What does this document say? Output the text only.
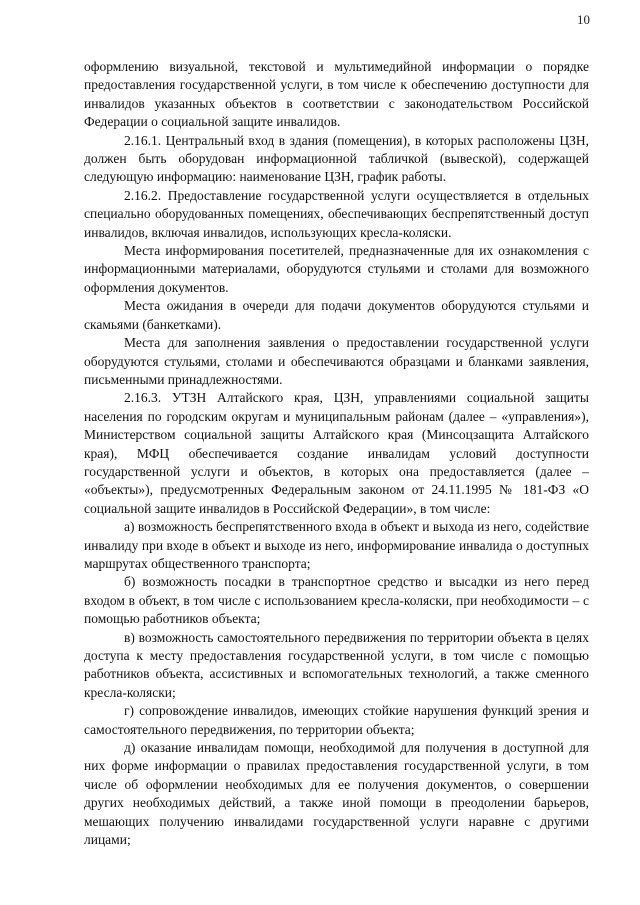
10

оформлению визуальной, текстовой и мультимедийной информации о порядке предоставления государственной услуги, в том числе к обеспечению доступности для инвалидов указанных объектов в соответствии с законодательством Российской Федерации о социальной защите инвалидов.

2.16.1. Центральный вход в здания (помещения), в которых расположены ЦЗН, должен быть оборудован информационной табличкой (вывеской), содержащей следующую информацию: наименование ЦЗН, график работы.

2.16.2. Предоставление государственной услуги осуществляется в отдельных специально оборудованных помещениях, обеспечивающих беспрепятственный доступ инвалидов, включая инвалидов, использующих кресла-коляски.

Места информирования посетителей, предназначенные для их ознакомления с информационными материалами, оборудуются стульями и столами для возможного оформления документов.

Места ожидания в очереди для подачи документов оборудуются стульями и скамьями (банкетками).

Места для заполнения заявления о предоставлении государственной услуги оборудуются стульями, столами и обеспечиваются образцами и бланками заявления, письменными принадлежностями.

2.16.3. УТЗН Алтайского края, ЦЗН, управлениями социальной защиты населения по городским округам и муниципальным районам (далее – «управления»), Министерством социальной защиты Алтайского края (Минсоцзащита Алтайского края), МФЦ обеспечивается создание инвалидам условий доступности государственной услуги и объектов, в которых она предоставляется (далее – «объекты»), предусмотренных Федеральным законом от 24.11.1995 № 181-ФЗ «О социальной защите инвалидов в Российской Федерации», в том числе:

а) возможность беспрепятственного входа в объект и выхода из него, содействие инвалиду при входе в объект и выходе из него, информирование инвалида о доступных маршрутах общественного транспорта;

б) возможность посадки в транспортное средство и высадки из него перед входом в объект, в том числе с использованием кресла-коляски, при необходимости – с помощью работников объекта;

в) возможность самостоятельного передвижения по территории объекта в целях доступа к месту предоставления государственной услуги, в том числе с помощью работников объекта, ассистивных и вспомогательных технологий, а также сменного кресла-коляски;

г) сопровождение инвалидов, имеющих стойкие нарушения функций зрения и самостоятельного передвижения, по территории объекта;

д) оказание инвалидам помощи, необходимой для получения в доступной для них форме информации о правилах предоставления государственной услуги, в том числе об оформлении необходимых для ее получения документов, о совершении других необходимых действий, а также иной помощи в преодолении барьеров, мешающих получению инвалидами государственной услуги наравне с другими лицами;
